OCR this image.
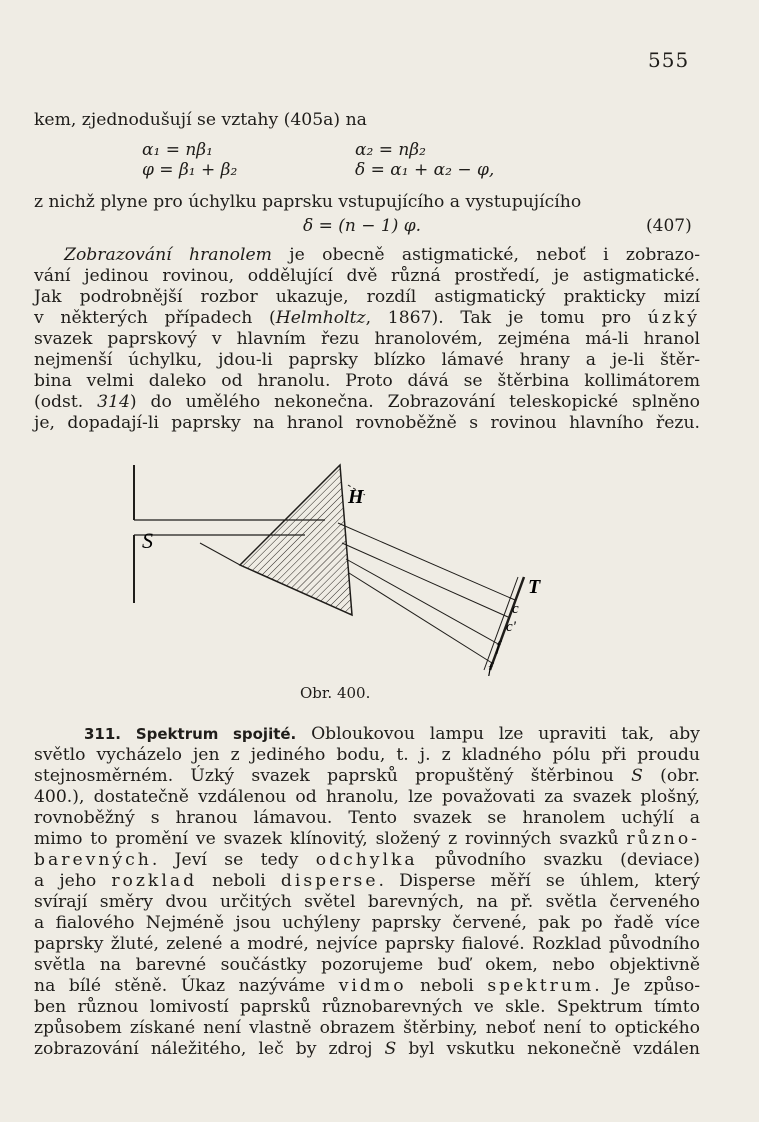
555
kem, zjednodušují se vztahy (405a) na
α₁ = nβ₁	α₂ = nβ₂
φ = β₁ + β₂	δ = α₁ + α₂ − φ,
z nichž plyne pro úchylku paprsku vstupujícího a vystupujícího
δ = (n − 1) φ.	(407)
Zobrazování hranolem je obecně astigmatické, neboť i zobrazo-
vání jedinou rovinou, oddělující dvě různá prostředí, je astigmatické.
Jak podrobnější rozbor ukazuje, rozdíl astigmatický prakticky mizí
v některých případech (Helmholtz, 1867). Tak je tomu pro úzký
svazek paprskový v hlavním řezu hranolovém, zejména má-li hranol
nejmenší úchylku, jdou-li paprsky blízko lámavé hrany a je-li štěr-
bina velmi daleko od hranolu. Proto dává se štěrbina kollimátorem
(odst. 314) do umělého nekonečna. Zobrazování teleskopické splněno
je, dopadají-li paprsky na hranol rovnoběžně s rovinou hlavního řezu.
S
H
T
c
c'
f
f
Obr. 400.
311. Spektrum spojité. Obloukovou lampu lze upraviti tak, aby
světlo vycházelo jen z jediného bodu, t. j. z kladného pólu při proudu
stejnosměrném. Úzký svazek paprsků propuštěný štěrbinou S (obr.
400.), dostatečně vzdálenou od hranolu, lze považovati za svazek plošný,
rovnoběžný s hranou lámavou. Tento svazek se hranolem uchýlí a
mimo to promění ve svazek klínovitý, složený z rovinných svazků různo-
barevných. Jeví se tedy odchylka původního svazku (deviace)
a jeho rozklad neboli disperse. Disperse měří se úhlem, který
svírají směry dvou určitých světel barevných, na př. světla červeného
a fialového Nejméně jsou uchýleny paprsky červené, pak po řadě více
paprsky žluté, zelené a modré, nejvíce paprsky fialové. Rozklad původního
světla na barevné součástky pozorujeme buď okem, nebo objektivně
na bílé stěně. Úkaz nazýváme vidmo neboli spektrum. Je způso-
ben různou lomivostí paprsků různobarevných ve skle. Spektrum tímto
způsobem získané není vlastně obrazem štěrbiny, neboť není to optického
zobrazování náležitého, leč by zdroj S byl vskutku nekonečně vzdálen
